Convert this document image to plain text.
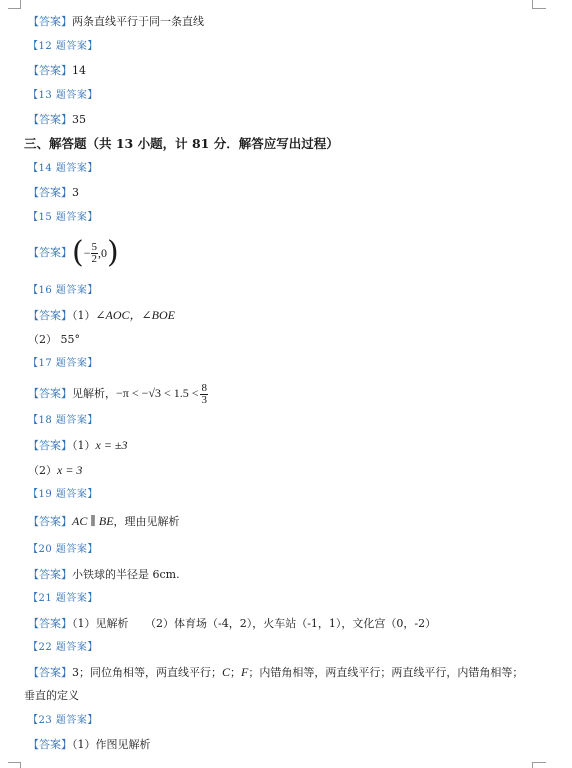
【答案】两条直线平行于同一条直线
【12 题答案】
【答案】14
【13 题答案】
【答案】35
三、解答题（共 13 小题，计 81 分．解答应写出过程）
【14 题答案】
【答案】3
【15 题答案】
【答案】 ( − $\frac{5}{2} ,0$ )
【16 题答案】
【答案】（1）∠AOC，∠BOE
（2） 55°
【17 题答案】
【答案】见解析，$-\pi < -√3 < 1.5 < \frac{8}{3}$
【18 题答案】
【答案】（1）x = ±3
（2）x = 3
【19 题答案】
【答案】AC ∥ BE，理由见解析
【20 题答案】
【答案】小铁球的半径是 6cm.
【21 题答案】
【答案】（1）见解析　　（2）体育场（-4，2），火车站（-1，1），文化宫（0，-2）
【22 题答案】
【答案】3；同位角相等，两直线平行；C；F；内错角相等，两直线平行；两直线平行，内错角相等；
垂直的定义
【23 题答案】
【答案】（1）作图见解析
